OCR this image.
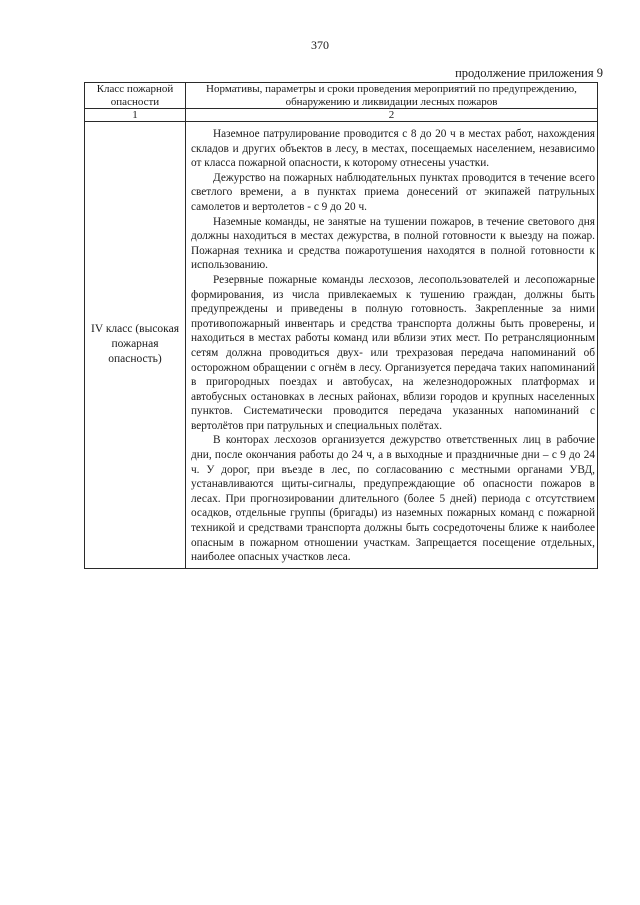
370
продолжение приложения 9
Класс пожарной опасности	Нормативы, параметры и сроки проведения мероприятий по предупреждению, обнаружению и ликвидации лесных пожаров
1	2
IV класс (высокая пожарная опасность)	Наземное патрулирование проводится с 8 до 20 ч в местах работ, нахождения складов и других объектов в лесу, в местах, посещаемых населением, независимо от класса пожарной опасности, к которому отнесены участки.

Дежурство на пожарных наблюдательных пунктах проводится в течение всего светлого времени, а в пунктах приема донесений от экипажей патрульных самолетов и вертолетов - с 9 до 20 ч.

Наземные команды, не занятые на тушении пожаров, в течение светового дня должны находиться в местах дежурства, в полной готовности к выезду на пожар. Пожарная техника и средства пожаротушения находятся в полной готовности к использованию.

Резервные пожарные команды лесхозов, лесопользователей и лесопожарные формирования, из числа привлекаемых к тушению граждан, должны быть предупреждены и приведены в полную готовность. Закрепленные за ними противопожарный инвентарь и средства транспорта должны быть проверены, и находиться в местах работы команд или вблизи этих мест. По ретрансляционным сетям должна проводиться двух- или трехразовая передача напоминаний об осторожном обращении с огнём в лесу. Организуется передача таких напоминаний в пригородных поездах и автобусах, на железнодорожных платформах и автобусных остановках в лесных районах, вблизи городов и крупных населенных пунктов. Систематически проводится передача указанных напоминаний с вертолётов при патрульных и специальных полётах.

В конторах лесхозов организуется дежурство ответственных лиц в рабочие дни, после окончания работы до 24 ч, а в выходные и праздничные дни – с 9 до 24 ч. У дорог, при въезде в лес, по согласованию с местными органами УВД, устанавливаются щиты-сигналы, предупреждающие об опасности пожаров в лесах. При прогнозировании длительного (более 5 дней) периода с отсутствием осадков, отдельные группы (бригады) из наземных пожарных команд с пожарной техникой и средствами транспорта должны быть сосредоточены ближе к наиболее опасным в пожарном отношении участкам. Запрещается посещение отдельных, наиболее опасных участков леса.
